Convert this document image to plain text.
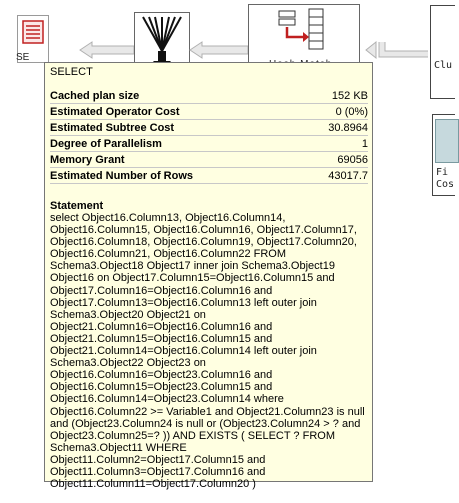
SE
Clu
Fi
Cos
SELECT
Cached plan size	152 KB
Estimated Operator Cost	0 (0%)
Estimated Subtree Cost	30.8964
Degree of Parallelism	1
Memory Grant	69056
Estimated Number of Rows	43017.7
Statement
select Object16.Column13, Object16.Column14,
Object16.Column15, Object16.Column16, Object17.Column17,
Object16.Column18, Object16.Column19, Object17.Column20,
Object16.Column21, Object16.Column22 FROM
Schema3.Object18 Object17 inner join Schema3.Object19
Object16 on Object17.Column15=Object16.Column15 and
Object17.Column16=Object16.Column16 and
Object17.Column13=Object16.Column13 left outer join
Schema3.Object20 Object21 on
Object21.Column16=Object16.Column16 and
Object21.Column15=Object16.Column15 and
Object21.Column14=Object16.Column14 left outer join
Schema3.Object22 Object23 on
Object16.Column16=Object23.Column16 and
Object16.Column15=Object23.Column15 and
Object16.Column14=Object23.Column14 where
Object16.Column22 >= Variable1 and Object21.Column23 is null
and (Object23.Column24 is null or (Object23.Column24 > ? and
Object23.Column25=? )) AND EXISTS ( SELECT ? FROM
Schema3.Object11 WHERE
Object11.Column2=Object17.Column15 and
Object11.Column3=Object17.Column16 and
Object11.Column11=Object17.Column20 )
